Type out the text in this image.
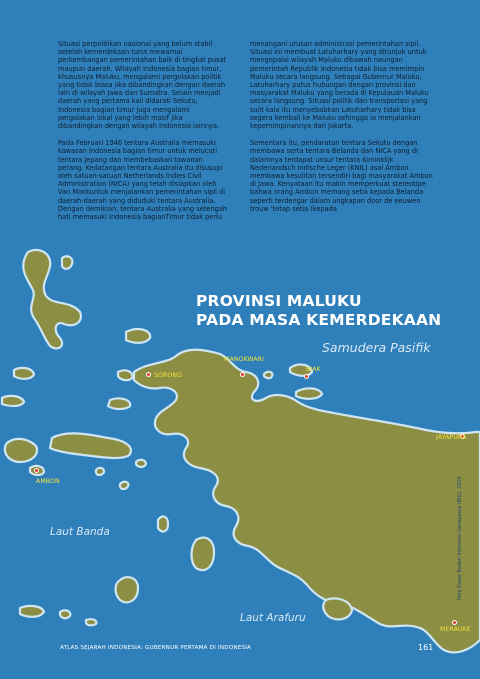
Situasi perpolitikan nasional yang belum stabil setelah kemerdekaan turut mewarnai perkembangan pemerintahan baik di tingkat pusat maupun daerah. Wilayah Indonesia bagian timur, khususnya Maluku, mengalami pergolakan politik yang tidak biasa jika dibandingkan dengan daerah lain di wilayah Jawa dan Sumatra. Selain menjadi daerah yang pertama kali didarati Sekutu, Indonesia bagian timur juga mengalami pergolakan lokal yang lebih masif jika dibandingkan dengan wilayah Indonesia lainnya.

Pada Februari 1946 tentara Australia memasuki kawasan Indonesia bagian timur untuk melucuti tentara Jepang dan membebaskan tawanan perang. Kedatangan tentara Australia itu disusupi oleh satuan-satuan Netherlands Indies Civil Administration (NICA) yang telah disiapkan oleh Van Mookuntuk menjalankan pemerintahan sipil di daerah-daerah yang diduduki tentara Australia. Dengan demikian, tentara Australia yang setengah hati memasuki Indonesia bagianTimur tidak perlu

menangani urusan administrasi pemerintahan sipil. Situasi ini membuat Latuharhary yang ditunjuk untuk mengepalai wilayah Maluku dibawah naungan pemerintah Republik Indonesia tidak bisa memimpin Maluku secara langsung. Sebagai Gubernur Maluku, Latuharhary putus hubungan dengan provinsi dan masyarakat Maluku yang berada di Kepulauan Maluku secara langsung. Situasi politik dan transportasi yang sulit kala itu menyebabkan Latuharhary tidak bisa segera kembali ke Maluku sehingga ia menjalankan kepemimpinannya dari Jakarta.

Sementara itu, pendaratan tentara Sekutu dengan membawa serta tentara Belanda dan NICA yang di dalamnya terdapat unsur tentara Koninklijk Nederlandsch Indische Leger (KNIL) asal Ambon membawa kesulitan tersendiri bagi masyarakat Ambon di Jawa. Kenyataan itu makin memperkuat stereotipe bahwa orang Ambon memang setia kepada Belanda seperti terdengar dalam ungkapan door de eeuwen trouw 'tetap setia (kepada

PROVINSI MALUKU
PADA MASA KEMERDEKAAN
Samudera Pasifik
Laut Banda
Laut Arafuru
SORONG
MANOKWARI
BIAK
JAYAPURA
AMBON
MERAUKE
Peta Dasar Badan Informasi Geospasial (BIG), 2019
ATLAS SEJARAH INDONESIA: GUBERNUR PERTAMA DI INDONESIA	161
